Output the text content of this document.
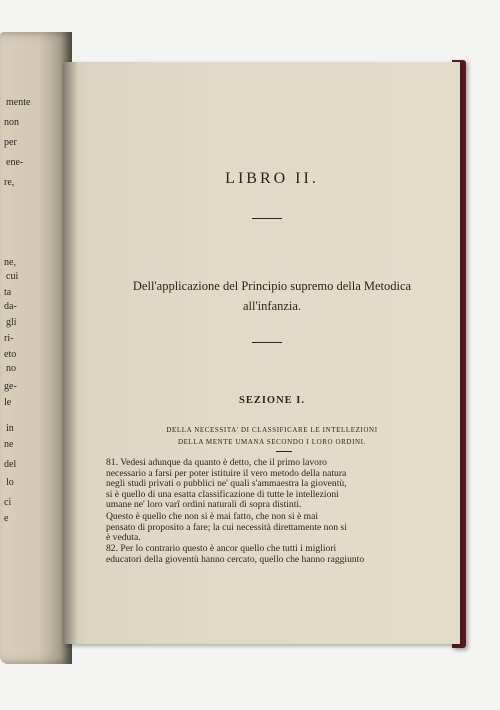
mente
non
per
ene-
re,
ne,
cui
ta
da-
gli
ri-
eto
no
ge-
le
in
ne
del
lo
ci
e
LIBRO II.
Dell'applicazione del Principio supremo della Metodica all'infanzia.
SEZIONE I.
DELLA NECESSITA' DI CLASSIFICARE LE INTELLEZIONI
DELLA MENTE UMANA SECONDO I LORO ORDINI.
81. Vedesi adunque da quanto è detto, che il primo lavoro
necessario a farsi per poter istituire il vero metodo della natura
negli studi privati o pubblici ne' quali s'ammaestra la gioventù,
si è quello di una esatta classificazione di tutte le intellezioni
umane ne' loro varî ordini naturali di sopra distinti.
Questo è quello che non si è mai fatto, che non si è mai
pensato di proposito a fare; la cui necessità direttamente non si
è veduta.
82. Per lo contrario questo è ancor quello che tutti i migliori
educatori della gioventù hanno cercato, quello che hanno raggiunto
